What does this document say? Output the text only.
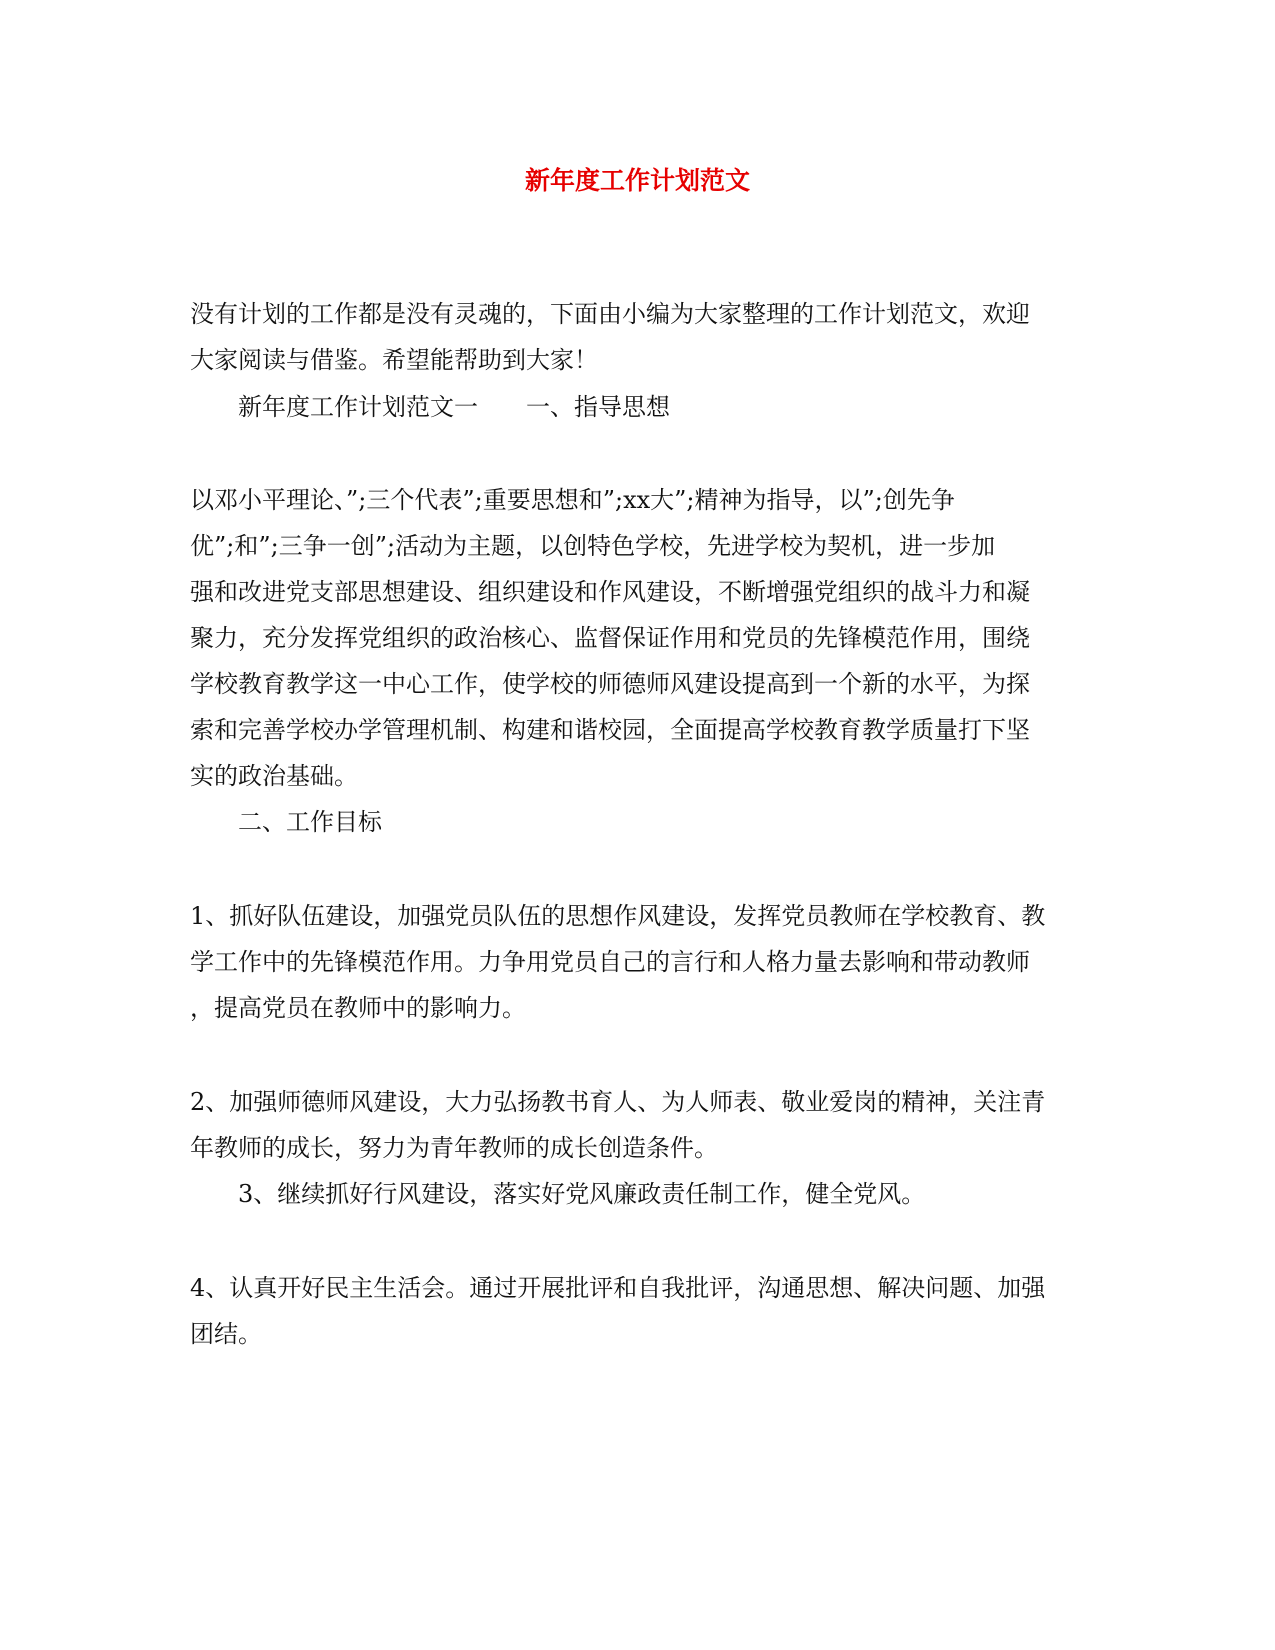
新年度工作计划范文
没有计划的工作都是没有灵魂的，下面由小编为大家整理的工作计划范文，欢迎
大家阅读与借鉴。希望能帮助到大家！
新年度工作计划范文一　　一、指导思想
以邓小平理论、”;三个代表”;重要思想和”;xx大”;精神为指导，以”;创先争
优”;和”;三争一创”;活动为主题，以创特色学校，先进学校为契机，进一步加
强和改进党支部思想建设、组织建设和作风建设，不断增强党组织的战斗力和凝
聚力，充分发挥党组织的政治核心、监督保证作用和党员的先锋模范作用，围绕
学校教育教学这一中心工作，使学校的师德师风建设提高到一个新的水平，为探
索和完善学校办学管理机制、构建和谐校园，全面提高学校教育教学质量打下坚
实的政治基础。
二、工作目标
1、抓好队伍建设，加强党员队伍的思想作风建设，发挥党员教师在学校教育、教
学工作中的先锋模范作用。力争用党员自己的言行和人格力量去影响和带动教师
，提高党员在教师中的影响力。
2、加强师德师风建设，大力弘扬教书育人、为人师表、敬业爱岗的精神，关注青
年教师的成长，努力为青年教师的成长创造条件。
3、继续抓好行风建设，落实好党风廉政责任制工作，健全党风。
4、认真开好民主生活会。通过开展批评和自我批评，沟通思想、解决问题、加强
团结。
